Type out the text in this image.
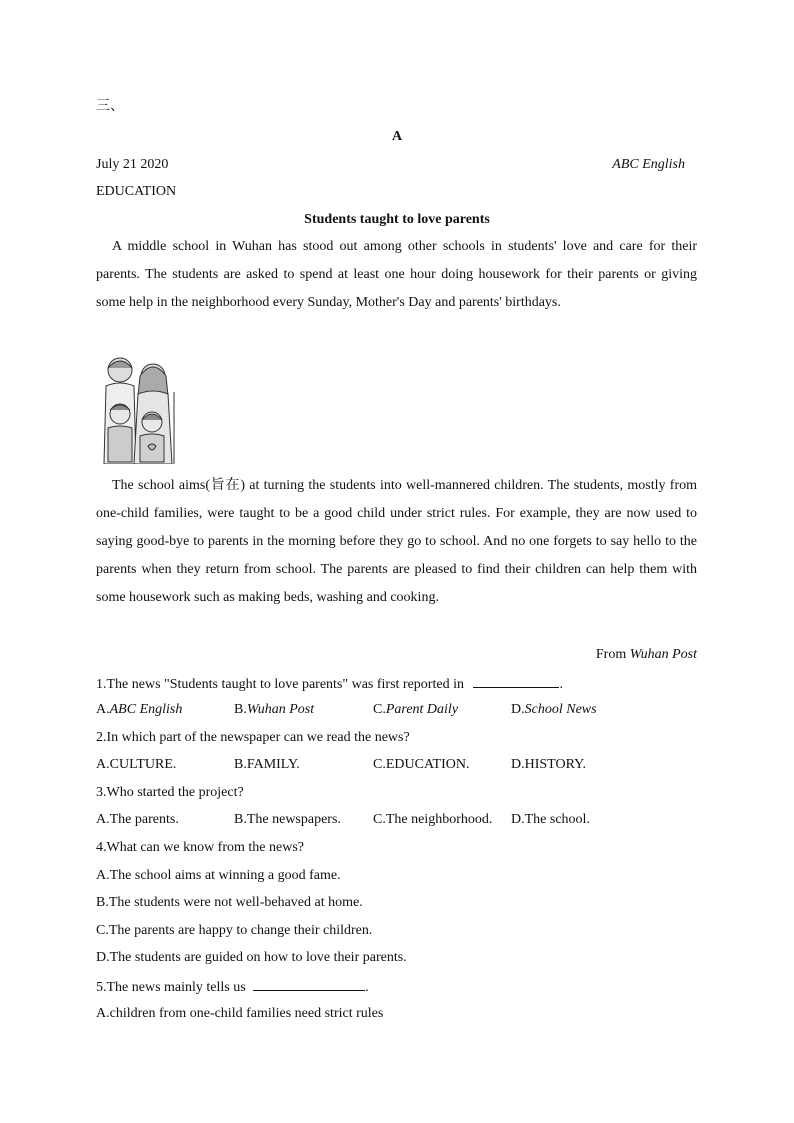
三、
A
July 21 2020	ABC English
EDUCATION
Students taught to love parents
A middle school in Wuhan has stood out among other schools in students' love and care for their parents. The students are asked to spend at least one hour doing housework for their parents or giving some help in the neighborhood every Sunday, Mother's Day and parents' birthdays.
The school aims(旨在) at turning the students into well-mannered children. The students, mostly from one-child families, were taught to be a good child under strict rules. For example, they are now used to saying good-bye to parents in the morning before they go to school. And no one forgets to say hello to the parents when they return from school. The parents are pleased to find their children can help them with some housework such as making beds, washing and cooking.
From Wuhan Post
1.The news "Students taught to love parents" was first reported in	.
A.ABC English	B.Wuhan Post	C.Parent Daily	D.School News
2.In which part of the newspaper can we read the news?
A.CULTURE.	B.FAMILY.	C.EDUCATION.	D.HISTORY.
3.Who started the project?
A.The parents.	B.The newspapers. C.The neighborhood. D.The school.
4.What can we know from the news?
A.The school aims at winning a good fame.
B.The students were not well-behaved at home.
C.The parents are happy to change their children.
D.The students are guided on how to love their parents.
5.The news mainly tells us	.
A.children from one-child families need strict rules
